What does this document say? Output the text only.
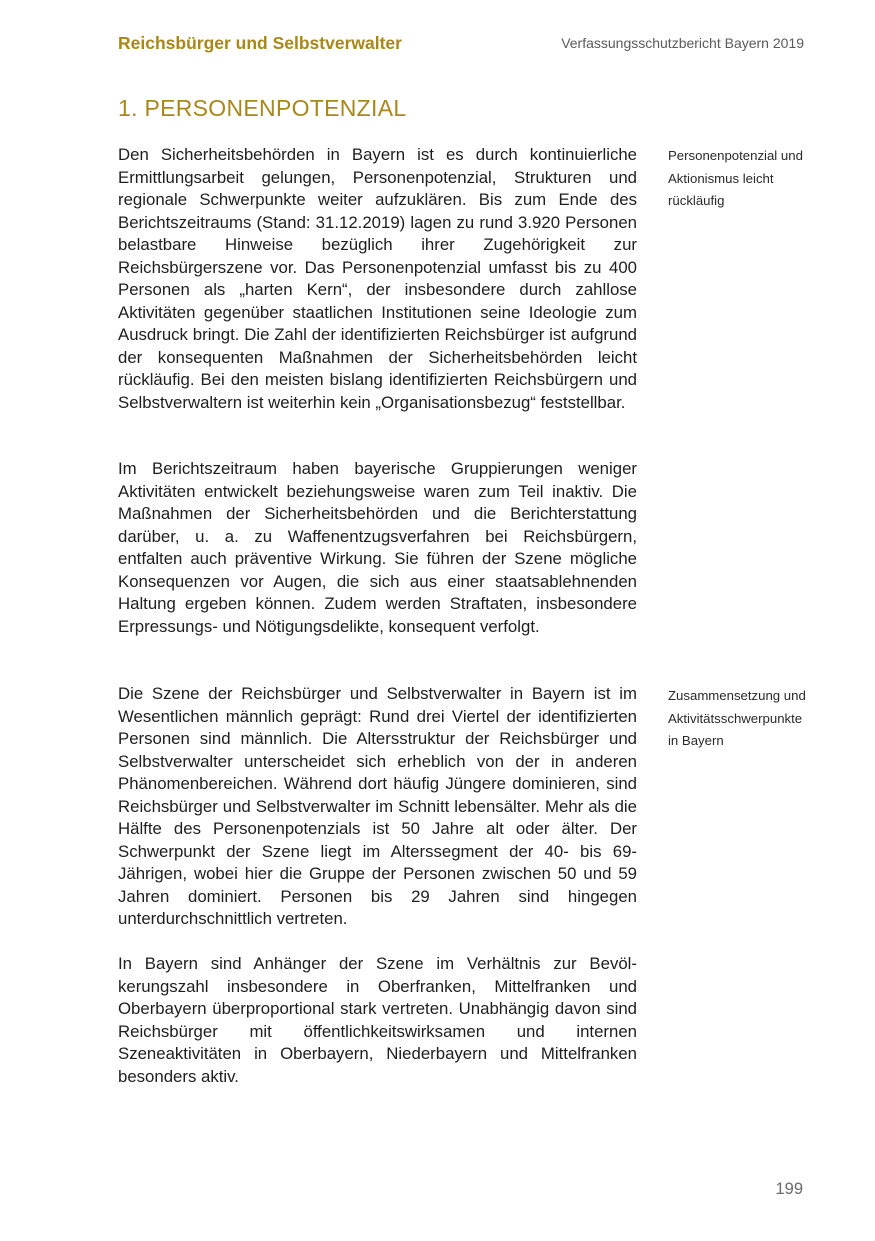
Reichsbürger und Selbstverwalter	Verfassungsschutzbericht Bayern 2019
1. PERSONENPOTENZIAL

Den Sicherheitsbehörden in Bayern ist es durch kontinuierliche Ermittlungsarbeit gelungen, Personenpotenzial, Strukturen und regionale Schwerpunkte weiter aufzuklären. Bis zum Ende des Berichtszeitraums (Stand: 31.12.2019) lagen zu rund 3.920 Personen belastbare Hinweise bezüglich ihrer Zugehörigkeit zur Reichsbürgerszene vor. Das Personenpotenzial umfasst bis zu 400 Personen als „harten Kern“, der insbesondere durch zahllose Aktivitäten gegenüber staatlichen Institutionen seine Ideologie zum Ausdruck bringt. Die Zahl der identifizierten Reichsbürger ist aufgrund der konsequenten Maßnahmen der Sicherheitsbehörden leicht rückläufig. Bei den meisten bislang identifizierten Reichsbürgern und Selbstverwaltern ist weiterhin kein „Organisationsbezug“ feststellbar.

Im Berichtszeitraum haben bayerische Gruppierungen weniger Aktivitäten entwickelt beziehungsweise waren zum Teil inaktiv. Die Maßnahmen der Sicherheitsbehörden und die Berichterstattung darüber, u. a. zu Waffenentzugsverfahren bei Reichsbürgern, entfalten auch präventive Wirkung. Sie führen der Szene mögliche Konsequenzen vor Augen, die sich aus einer staatsablehnenden Haltung ergeben können. Zudem werden Straftaten, insbesondere Erpressungs- und Nötigungsdelikte, konsequent verfolgt.

Die Szene der Reichsbürger und Selbstverwalter in Bayern ist im Wesentlichen männlich geprägt: Rund drei Viertel der identifizierten Personen sind männlich. Die Altersstruktur der Reichsbürger und Selbstverwalter unterscheidet sich erheblich von der in anderen Phänomenbereichen. Während dort häufig Jüngere dominieren, sind Reichsbürger und Selbstverwalter im Schnitt lebensälter. Mehr als die Hälfte des Personenpotenzials ist 50 Jahre alt oder älter. Der Schwerpunkt der Szene liegt im Alterssegment der 40- bis 69-Jährigen, wobei hier die Gruppe der Personen zwischen 50 und 59 Jahren dominiert. Personen bis 29 Jahren sind hingegen unterdurchschnittlich vertreten.

In Bayern sind Anhänger der Szene im Verhältnis zur Bevölkerungszahl insbesondere in Oberfranken, Mittelfranken und Oberbayern überproportional stark vertreten. Unabhängig davon sind Reichsbürger mit öffentlichkeitswirksamen und internen Szeneaktivitäten in Oberbayern, Niederbayern und Mittelfranken besonders aktiv.

Personenpotenzial und Aktionismus leicht rückläufig

Zusammensetzung und Aktivitätsschwerpunkte in Bayern

199
